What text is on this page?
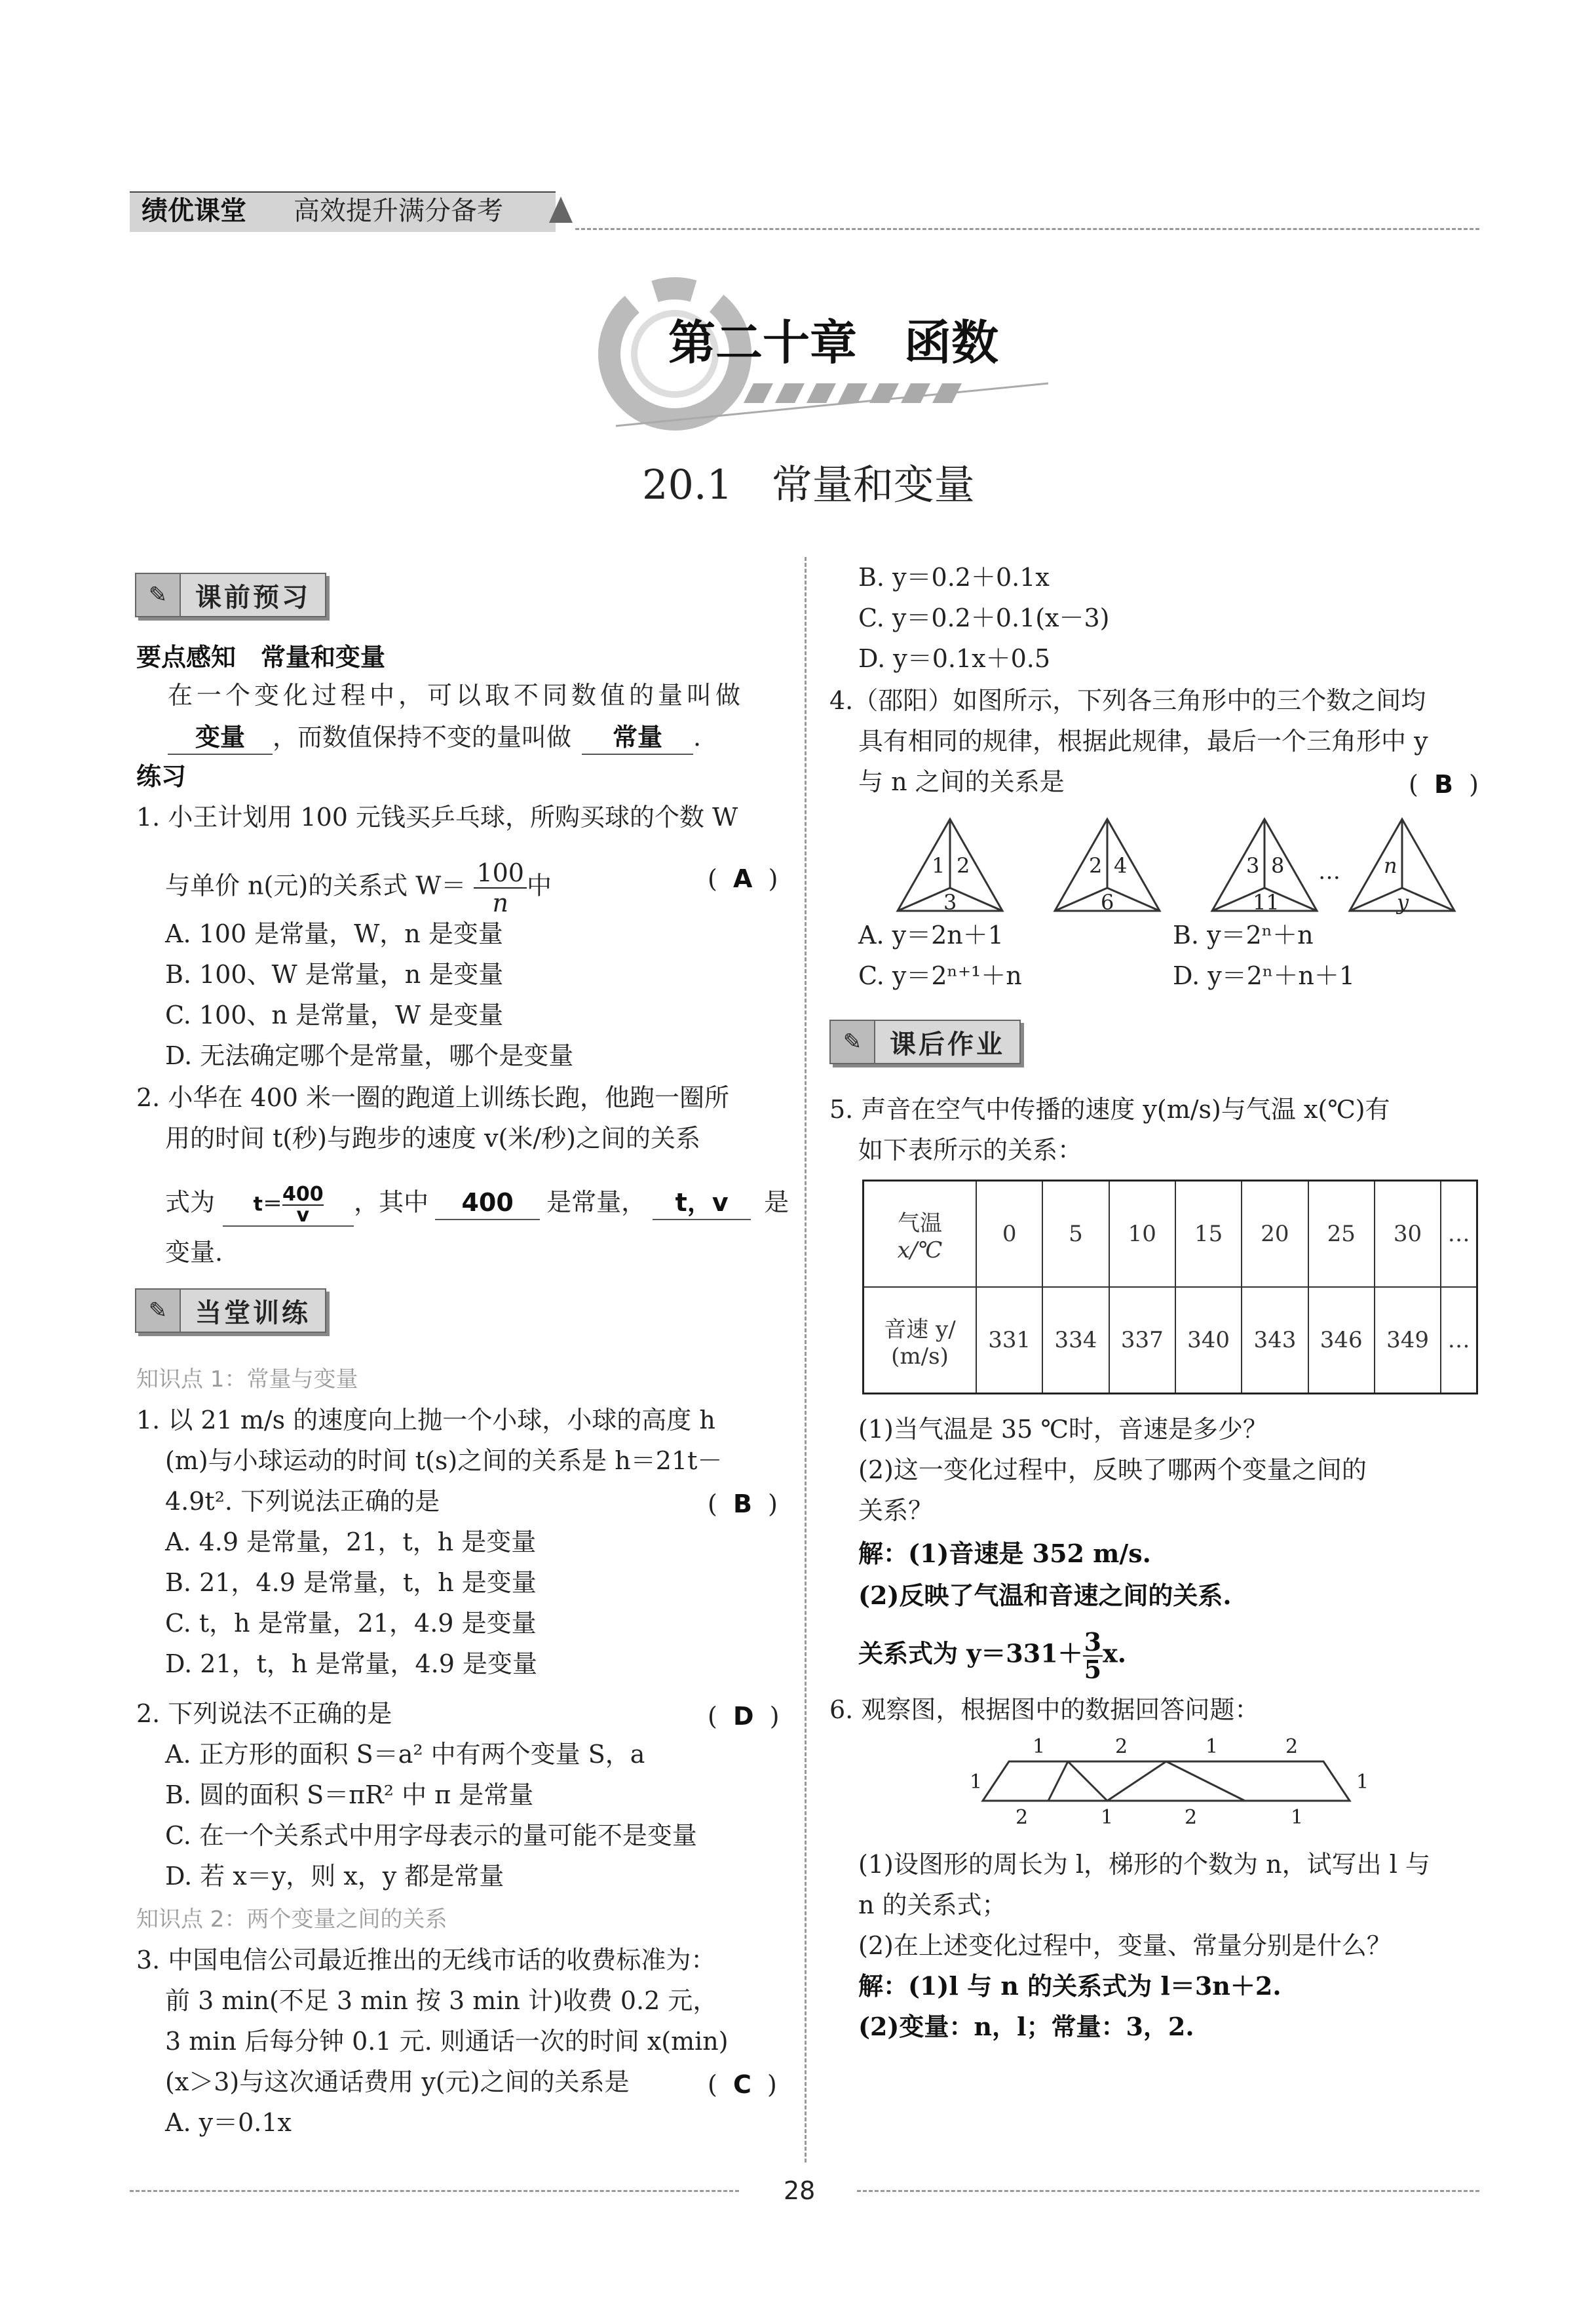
绩优课堂 高效提升满分备考
第二十章　函数
20.1 常量和变量
✎	课前预习
要点感知　常量和变量
在一个变化过程中，可以取不同数值的量叫做
变量 ，而数值保持不变的量叫做 常量 .
练习
1. 小王计划用 100 元钱买乒乓球，所购买球的个数 W
与单价 n(元)的关系式 $W= \frac{100}{n}$ 中	(  A  )
A. 100 是常量，W，n 是变量
B. 100、W 是常量，n 是变量
C. 100、n 是常量，W 是变量
D. 无法确定哪个是常量，哪个是变量
2. 小华在 400 米一圈的跑道上训练长跑，他跑一圈所
用的时间 t(秒)与跑步的速度 v(米/秒)之间的关系
式为 $t= \frac{400}{v}$ ，其中 400 是常量， t，v 是
变量.
✎	当堂训练
知识点 1：常量与变量
1. 以 21 m/s 的速度向上抛一个小球，小球的高度 h
(m)与小球运动的时间 t(s)之间的关系是 h＝21t－
4.9t². 下列说法正确的是	(  B  )
A. 4.9 是常量，21，t，h 是变量
B. 21，4.9 是常量，t，h 是变量
C. t，h 是常量，21，4.9 是变量
D. 21，t，h 是常量，4.9 是变量
2. 下列说法不正确的是	(  D  )
A. 正方形的面积 S＝a² 中有两个变量 S，a
B. 圆的面积 S＝πR² 中 π 是常量
C. 在一个关系式中用字母表示的量可能不是变量
D. 若 x＝y，则 x，y 都是常量
知识点 2：两个变量之间的关系
3. 中国电信公司最近推出的无线市话的收费标准为：
前 3 min(不足 3 min 按 3 min 计)收费 0.2 元，
3 min 后每分钟 0.1 元. 则通话一次的时间 x(min)
(x＞3)与这次通话费用 y(元)之间的关系是	(  C  )
A. y＝0.1x
B. y＝0.2＋0.1x
C. y＝0.2＋0.1(x－3)
D. y＝0.1x＋0.5
4.（邵阳）如图所示，下列各三角形中的三个数之间均
具有相同的规律，根据此规律，最后一个三角形中 y
与 n 之间的关系是	(  B  )
1 2
3
2 4
6
3 8
11
… n
y
A. y＝2n＋1	B. y＝2ⁿ＋n
C. y＝2ⁿ⁺¹＋n	D. y＝2ⁿ＋n＋1
✎	课后作业
5. 声音在空气中传播的速度 y(m/s)与气温 x(℃)有
如下表所示的关系：
气温
x/℃	0	5	10	15	20	25	30	…

音速 y/
(m/s)	331	334	337	340	343	346	349	…
(1)当气温是 35 ℃时，音速是多少？
(2)这一变化过程中，反映了哪两个变量之间的
关系？
解：(1)音速是 352 m/s.
(2)反映了气温和音速之间的关系.
关系式为 $y=331+ \frac{3}{5} x$.
6. 观察图，根据图中的数据回答问题：
1	2	1	2
2	1	2	1
1	1
(1)设图形的周长为 l，梯形的个数为 n，试写出 l 与
n 的关系式；
(2)在上述变化过程中，变量、常量分别是什么？
解：(1)l 与 n 的关系式为 l＝3n＋2.
(2)变量：n，l；常量：3，2.
28
